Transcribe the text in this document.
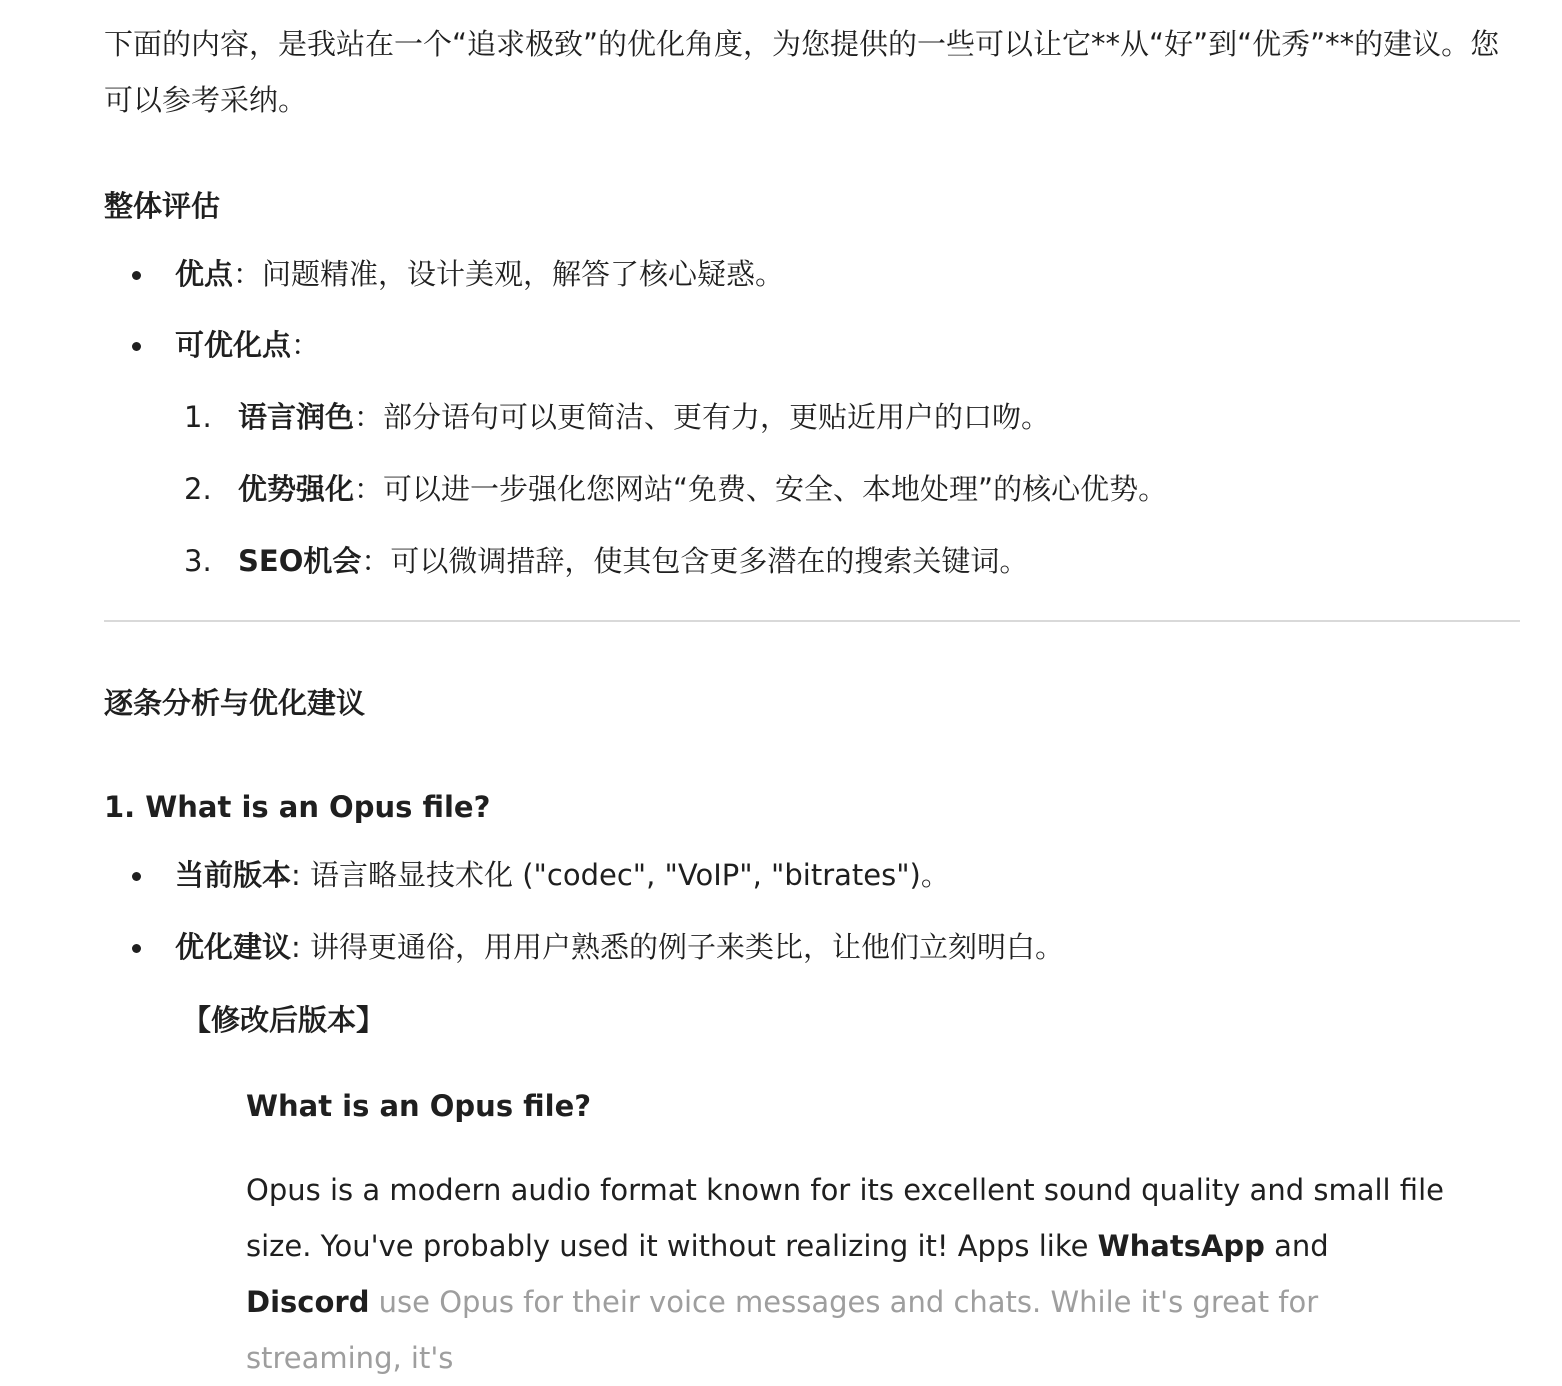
下面的内容，是我站在一个“追求极致”的优化角度，为您提供的一些可以让它**从“好”到“优秀”**的建议。您可以参考采纳。

整体评估
优点：问题精准，设计美观，解答了核心疑惑。
可优化点：
1. 语言润色：部分语句可以更简洁、更有力，更贴近用户的口吻。
2. 优势强化：可以进一步强化您网站“免费、安全、本地处理”的核心优势。
3. SEO机会：可以微调措辞，使其包含更多潜在的搜索关键词。
逐条分析与优化建议
1. What is an Opus file?
当前版本: 语言略显技术化 ("codec", "VoIP", "bitrates")。
优化建议: 讲得更通俗，用用户熟悉的例子来类比，让他们立刻明白。
【修改后版本】

What is an Opus file?

Opus is a modern audio format known for its excellent sound quality and small file size. You've probably used it without realizing it! Apps like WhatsApp and Discord use Opus for their voice messages and chats. While it's great for streaming, it's
